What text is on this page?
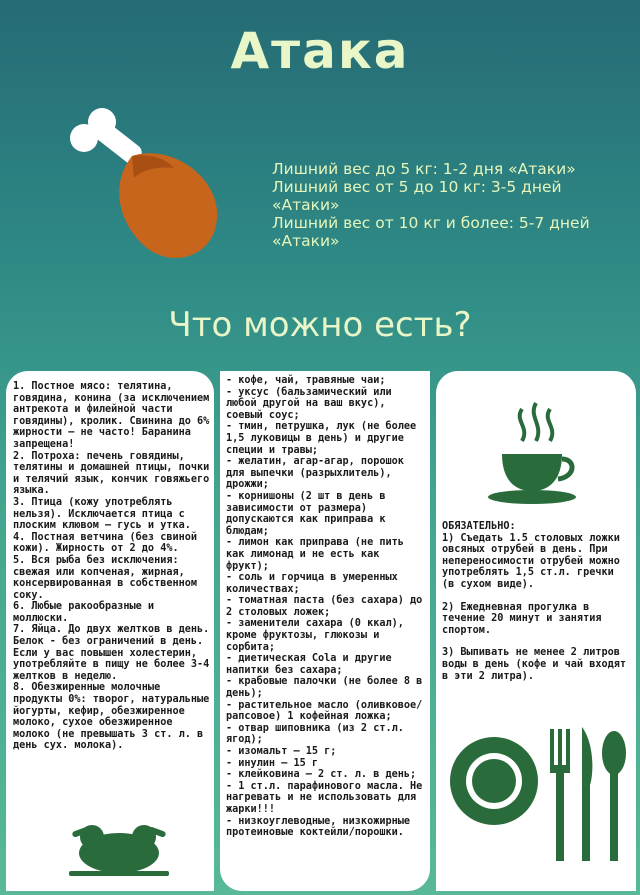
Атака
Лишний вес до 5 кг: 1-2 дня «Атаки»
Лишний вес от 5 до 10 кг: 3-5 дней «Атаки»
Лишний вес от 10 кг и более: 5-7 дней «Атаки»
Что можно есть?
1. Постное мясо: телятина, говядина, конина (за исключением антрекота и филейной части говядины), кролик. Свинина до 6% жирности — не часто! Баранина запрещена!
2. Потроха: печень говядины, телятины и домашней птицы, почки и телячий язык, кончик говяжьего языка.
3. Птица (кожу употреблять нельзя). Исключается птица с плоским клювом — гусь и утка.
4. Постная ветчина (без свиной кожи). Жирность от 2 до 4%.
5. Вся рыба без исключения: свежая или копченая, жирная, консервированная в собственном соку.
6. Любые ракообразные и моллюски.
7. Яйца. До двух желтков в день. Белок - без ограничений в день. Если у вас повышен холестерин, употребляйте в пищу не более 3-4 желтков в неделю.
8. Обезжиренные молочные продукты 0%: творог, натуральные йогурты, кефир, обезжиренное молоко, сухое обезжиренное молоко (не превышать 3 ст. л. в день сух. молока).
- кофе, чай, травяные чаи;
- уксус (бальзамический или любой другой на ваш вкус), соевый соус;
- тмин, петрушка, лук (не более 1,5 луковицы в день) и другие специи и травы;
- желатин, агар-агар, порошок для выпечки (разрыхлитель), дрожжи;
- корнишоны (2 шт в день в зависимости от размера) допускаются как приправа к блюдам;
- лимон как приправа (не пить как лимонад и не есть как фрукт);
- соль и горчица в умеренных количествах;
- томатная паста (без сахара) до 2 столовых ложек;
- заменители сахара (0 ккал), кроме фруктозы, глюкозы и сорбита;
- диетическая Cola и другие напитки без сахара;
- крабовые палочки (не более 8 в день);
- растительное масло (оливковое/рапсовое) 1 кофейная ложка;
- отвар шиповника (из 2 ст.л. ягод);
- изомальт — 15 г;
- инулин — 15 г
- клейковина — 2 ст. л. в день;
- 1 ст.л. парафинового масла. Не нагревать и не использовать для жарки!!!
- низкоуглеводные, низкожирные протеиновые коктейли/порошки.
ОБЯЗАТЕЛЬНО:
1) Съедать 1.5 столовых ложки овсяных отрубей в день. При непереносимости отрубей можно употреблять 1,5 ст.л. гречки (в сухом виде).
2) Ежедневная прогулка в течение 20 минут и занятия спортом.
3) Выпивать не менее 2 литров воды в день (кофе и чай входят в эти 2 литра).
